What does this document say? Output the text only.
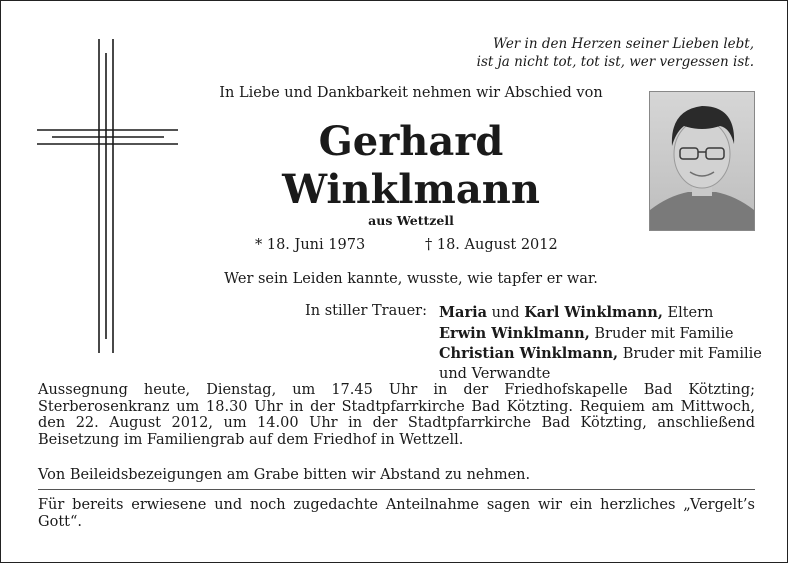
Wer in den Herzen seiner Lieben lebt,
ist ja nicht tot, tot ist, wer vergessen ist.
In Liebe und Dankbarkeit nehmen wir Abschied von
Gerhard
Winklmann
aus Wettzell
* 18. Juni 1973	† 18. August 2012
Wer sein Leiden kannte, wusste, wie tapfer er war.
In stiller Trauer: Maria und Karl Winklmann, Eltern
Erwin Winklmann, Bruder mit Familie
Christian Winklmann, Bruder mit Familie
und Verwandte
Aussegnung heute, Dienstag, um 17.45 Uhr in der Friedhofskapelle Bad Kötzting; Sterberosenkranz um 18.30 Uhr in der Stadtpfarrkirche Bad Kötzting. Requiem am Mittwoch, den 22. August 2012, um 14.00 Uhr in der Stadtpfarrkirche Bad Kötzting, anschließend Beisetzung im Familiengrab auf dem Friedhof in Wettzell.
Von Beileidsbezeigungen am Grabe bitten wir Abstand zu nehmen.
Für bereits erwiesene und noch zugedachte Anteilnahme sagen wir ein herzliches „Vergelt’s Gott“.
